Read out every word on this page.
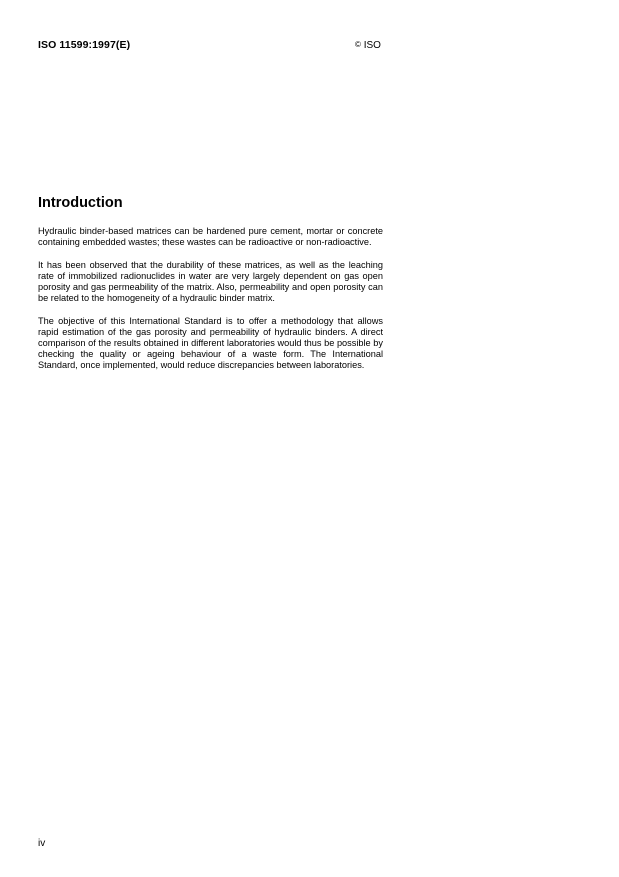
ISO 11599:1997(E)	© ISO
Introduction

Hydraulic binder-based matrices can be hardened pure cement, mortar or concrete containing embedded wastes; these wastes can be radioactive or non-radioactive.

It has been observed that the durability of these matrices, as well as the leaching rate of immobilized radionuclides in water are very largely dependent on gas open porosity and gas permeability of the matrix. Also, permeability and open porosity can be related to the homogeneity of a hydraulic binder matrix.

The objective of this International Standard is to offer a methodology that allows rapid estimation of the gas porosity and permeability of hydraulic binders. A direct comparison of the results obtained in different laboratories would thus be possible by checking the quality or ageing behaviour of a waste form. The International Standard, once implemented, would reduce discrepancies between laboratories.

iv
